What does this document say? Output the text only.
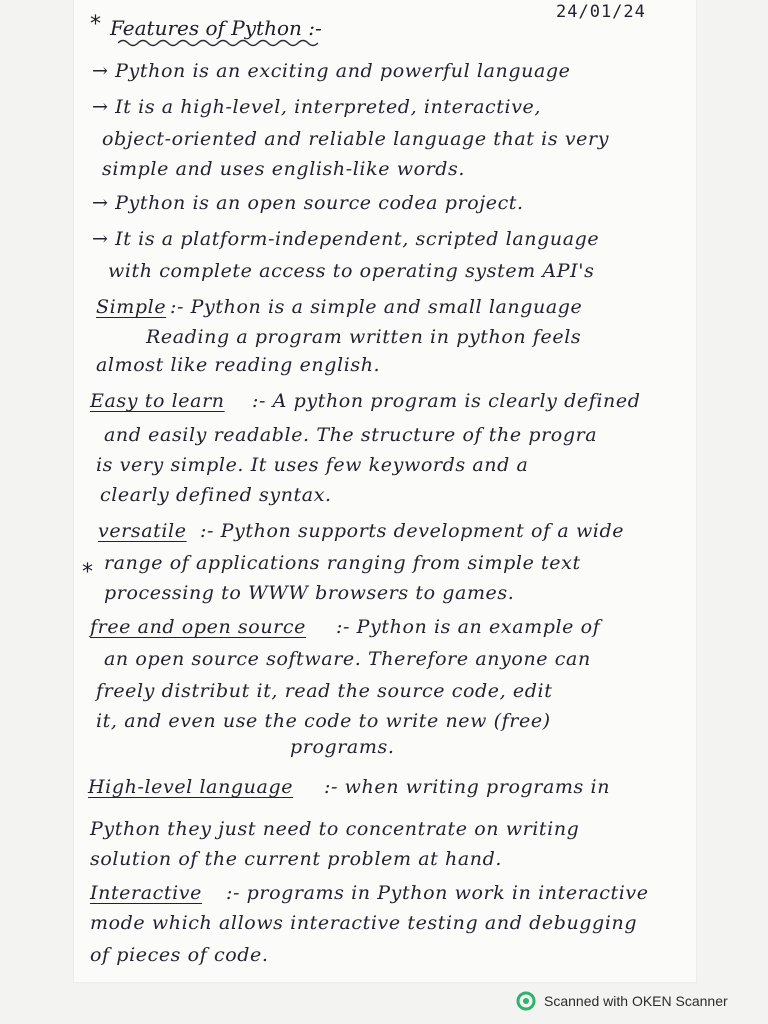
24/01/24
* Features of Python :-
→ Python is an exciting and powerful language
→ It is a high-level, interpreted, interactive,
object-oriented and reliable language that is very
simple and uses english-like words.
→ Python is an open source codea project.
→ It is a platform-independent, scripted language
with complete access to operating system API's
Simple :- Python is a simple and small language
Reading a program written in python feels
almost like reading english.
Easy to learn :- A python program is clearly defined
and easily readable. The structure of the progra
is very simple. It uses few keywords and a
clearly defined syntax.
versatile :- Python supports development of a wide
* range of applications ranging from simple text
processing to WWW browsers to games.
free and open source :- Python is an example of
an open source software. Therefore anyone can
freely distribut it, read the source code, edit
it, and even use the code to write new (free)
programs.
High-level language :- when writing programs in
Python they just need to concentrate on writing
solution of the current problem at hand.
Interactive :- programs in Python work in interactive
mode which allows interactive testing and debugging
of pieces of code.
Scanned with OKEN Scanner
